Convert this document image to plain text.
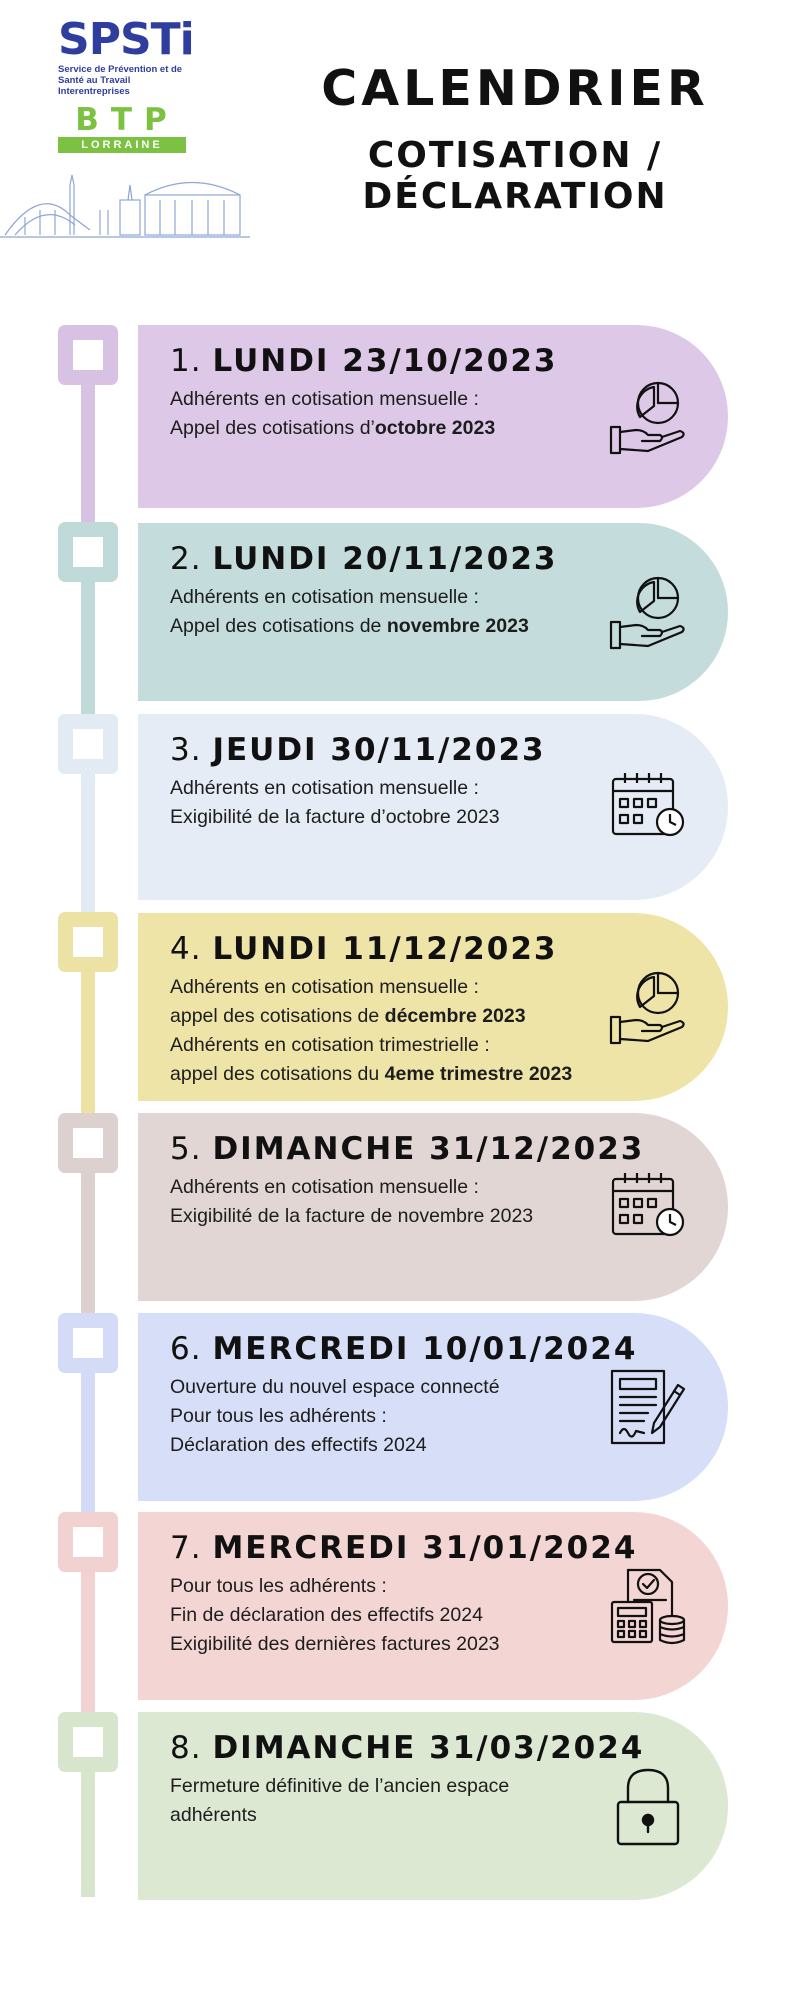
SPSTi
Service de Prévention et de
Santé au Travail Interentreprises
BTP
LORRAINE
CALENDRIER
COTISATION / DÉCLARATION
1. LUNDI 23/10/2023
Adhérents en cotisation mensuelle :
Appel des cotisations d’octobre 2023
2. LUNDI 20/11/2023
Adhérents en cotisation mensuelle :
Appel des cotisations de novembre 2023
3. JEUDI 30/11/2023
Adhérents en cotisation mensuelle :
Exigibilité de la facture d’octobre 2023
4. LUNDI 11/12/2023
Adhérents en cotisation mensuelle :
appel des cotisations de décembre 2023
Adhérents en cotisation trimestrielle :
appel des cotisations du 4eme trimestre 2023
5. DIMANCHE 31/12/2023
Adhérents en cotisation mensuelle :
Exigibilité de la facture de novembre 2023
6. MERCREDI 10/01/2024
Ouverture du nouvel espace connecté
Pour tous les adhérents :
Déclaration des effectifs 2024
7. MERCREDI 31/01/2024
Pour tous les adhérents :
Fin de déclaration des effectifs 2024
Exigibilité des dernières factures 2023
8. DIMANCHE 31/03/2024
Fermeture définitive de l’ancien espace
adhérents
